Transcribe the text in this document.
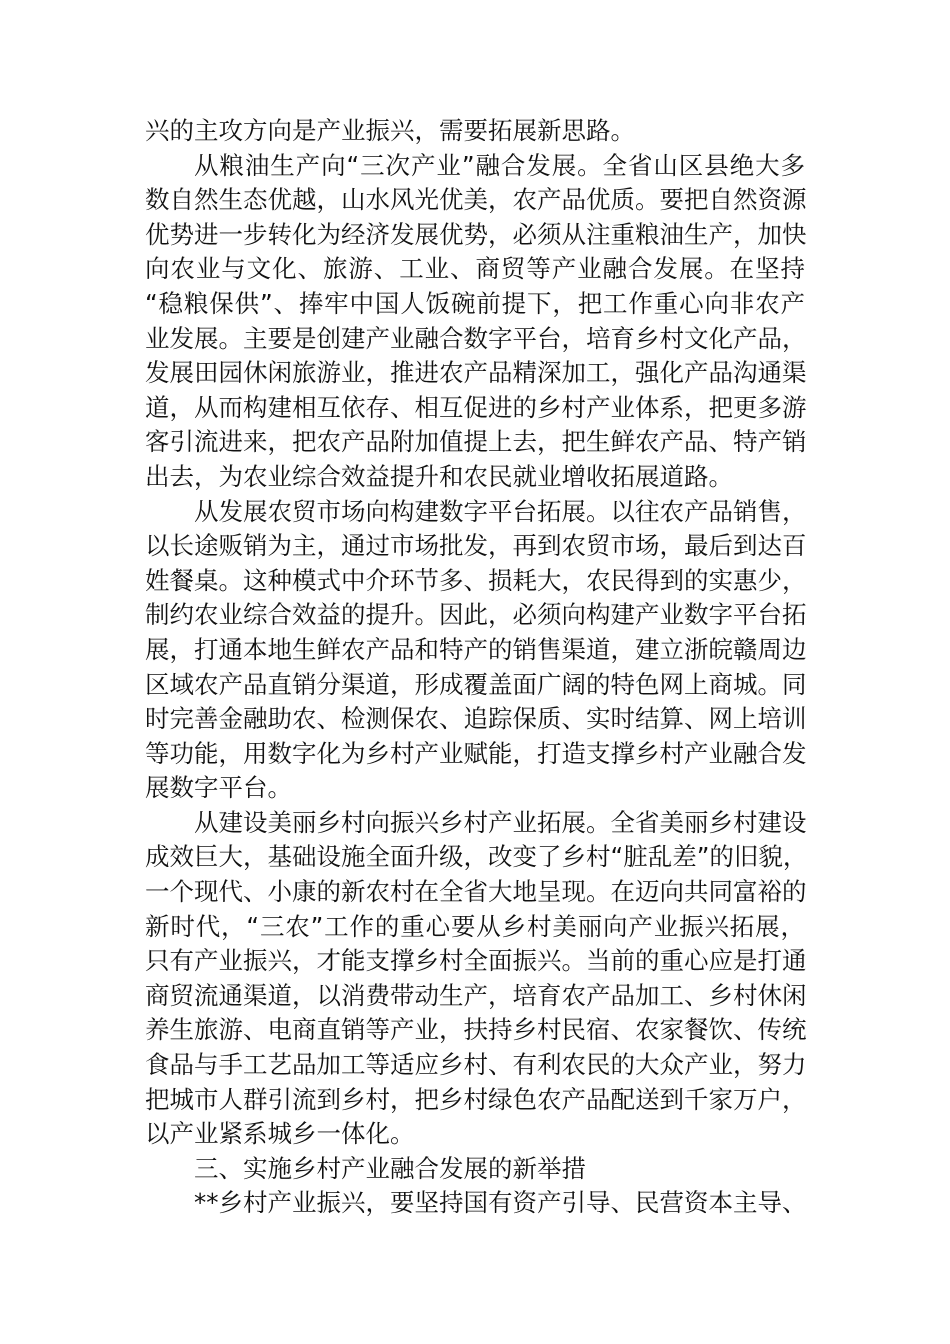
兴的主攻方向是产业振兴，需要拓展新思路。
从粮油生产向“三次产业”融合发展。全省山区县绝大多
数自然生态优越，山水风光优美，农产品优质。要把自然资源
优势进一步转化为经济发展优势，必须从注重粮油生产，加快
向农业与文化、旅游、工业、商贸等产业融合发展。在坚持
“稳粮保供”、捧牢中国人饭碗前提下，把工作重心向非农产
业发展。主要是创建产业融合数字平台，培育乡村文化产品，
发展田园休闲旅游业，推进农产品精深加工，强化产品沟通渠
道，从而构建相互依存、相互促进的乡村产业体系，把更多游
客引流进来，把农产品附加值提上去，把生鲜农产品、特产销
出去，为农业综合效益提升和农民就业增收拓展道路。
从发展农贸市场向构建数字平台拓展。以往农产品销售，
以长途贩销为主，通过市场批发，再到农贸市场，最后到达百
姓餐桌。这种模式中介环节多、损耗大，农民得到的实惠少，
制约农业综合效益的提升。因此，必须向构建产业数字平台拓
展，打通本地生鲜农产品和特产的销售渠道，建立浙皖赣周边
区域农产品直销分渠道，形成覆盖面广阔的特色网上商城。同
时完善金融助农、检测保农、追踪保质、实时结算、网上培训
等功能，用数字化为乡村产业赋能，打造支撑乡村产业融合发
展数字平台。
从建设美丽乡村向振兴乡村产业拓展。全省美丽乡村建设
成效巨大，基础设施全面升级，改变了乡村“脏乱差”的旧貌，
一个现代、小康的新农村在全省大地呈现。在迈向共同富裕的
新时代，“三农”工作的重心要从乡村美丽向产业振兴拓展，
只有产业振兴，才能支撑乡村全面振兴。当前的重心应是打通
商贸流通渠道，以消费带动生产，培育农产品加工、乡村休闲
养生旅游、电商直销等产业，扶持乡村民宿、农家餐饮、传统
食品与手工艺品加工等适应乡村、有利农民的大众产业，努力
把城市人群引流到乡村，把乡村绿色农产品配送到千家万户，
以产业紧系城乡一体化。
三、实施乡村产业融合发展的新举措
**乡村产业振兴，要坚持国有资产引导、民营资本主导、
